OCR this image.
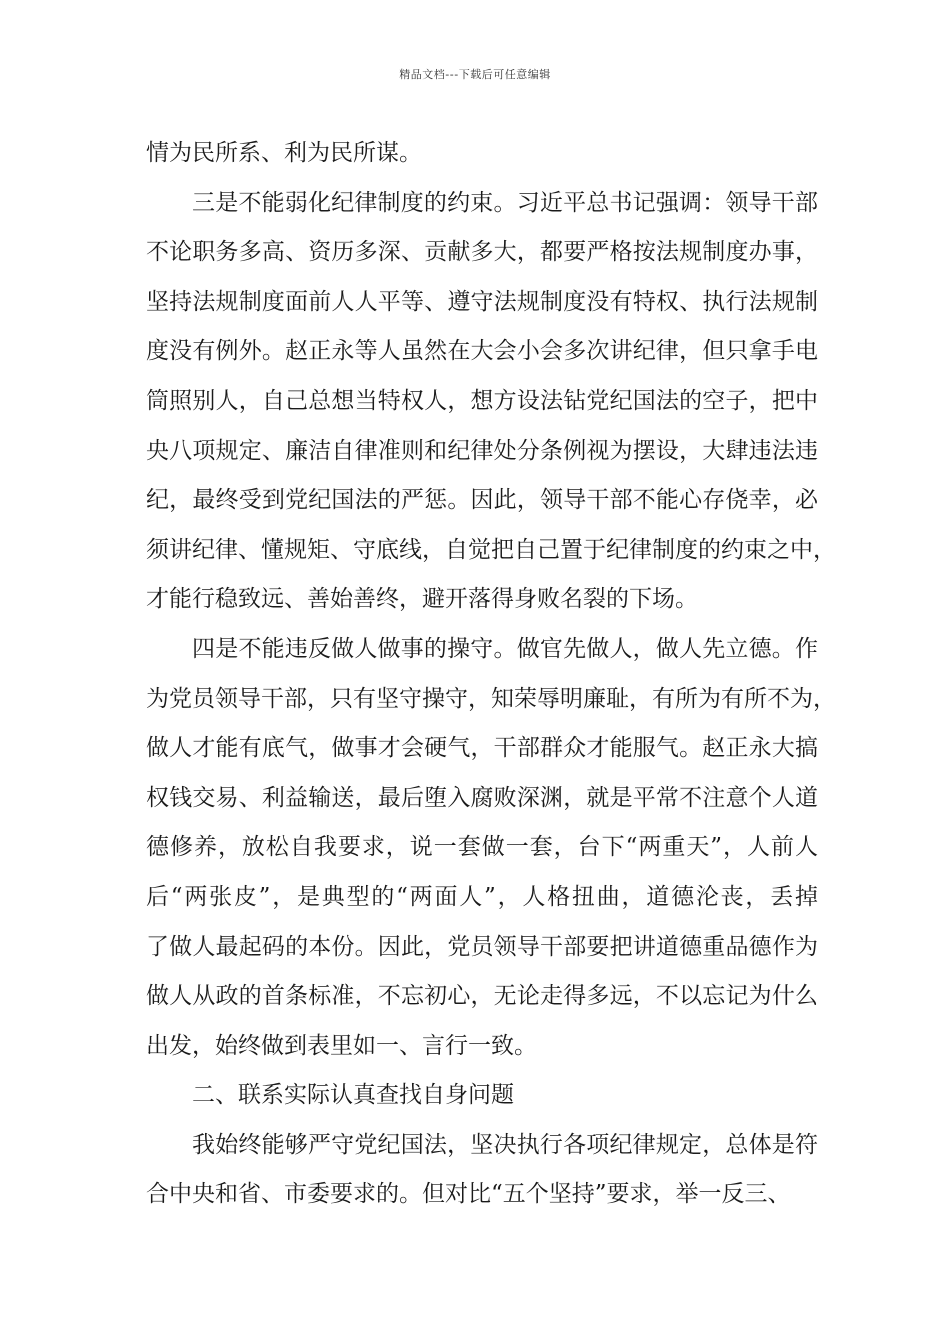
精品文档---下载后可任意编辑
情为民所系、利为民所谋。
三是不能弱化纪律制度的约束。习近平总书记强调：领导干部
不论职务多高、资历多深、贡献多大，都要严格按法规制度办事，
坚持法规制度面前人人平等、遵守法规制度没有特权、执行法规制
度没有例外。赵正永等人虽然在大会小会多次讲纪律，但只拿手电
筒照别人，自己总想当特权人，想方设法钻党纪国法的空子，把中
央八项规定、廉洁自律准则和纪律处分条例视为摆设，大肆违法违
纪，最终受到党纪国法的严惩。因此，领导干部不能心存侥幸，必
须讲纪律、懂规矩、守底线，自觉把自己置于纪律制度的约束之中，
才能行稳致远、善始善终，避开落得身败名裂的下场。
四是不能违反做人做事的操守。做官先做人，做人先立德。作
为党员领导干部，只有坚守操守，知荣辱明廉耻，有所为有所不为，
做人才能有底气，做事才会硬气，干部群众才能服气。赵正永大搞
权钱交易、利益输送，最后堕入腐败深渊，就是平常不注意个人道
德修养，放松自我要求，说一套做一套，台下“两重天”，人前人
后“两张皮”，是典型的“两面人”，人格扭曲，道德沦丧，丢掉
了做人最起码的本份。因此，党员领导干部要把讲道德重品德作为
做人从政的首条标准，不忘初心，无论走得多远，不以忘记为什么
出发，始终做到表里如一、言行一致。
二、联系实际认真查找自身问题
我始终能够严守党纪国法，坚决执行各项纪律规定，总体是符
合中央和省、市委要求的。但对比“五个坚持”要求，举一反三、
